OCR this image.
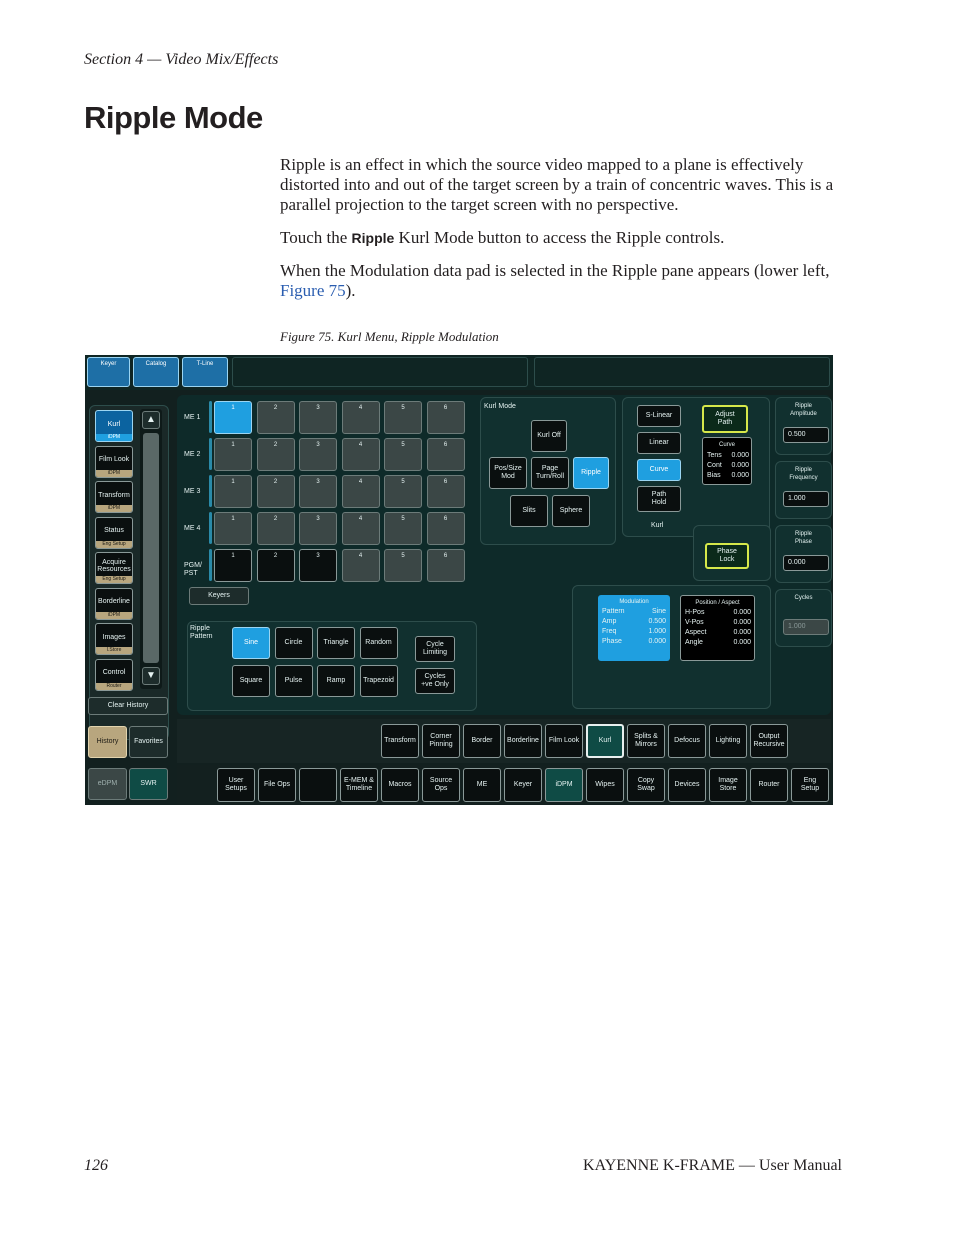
Section 4 — Video Mix/Effects
Ripple Mode

Ripple is an effect in which the source video mapped to a plane is effectively distorted into and out of the target screen by a train of concentric waves. This is a parallel projection to the target screen with no perspective.

Touch the Ripple Kurl Mode button to access the Ripple controls.

When the Modulation data pad is selected in the Ripple pane appears (lower left, Figure 75).

Figure 75. Kurl Menu, Ripple Modulation
Keyer	Catalog	T-Line
▲
▼
Clear History
History	Favorites
eDPM	SWR
Keyers
Kurl Mode
Kurl Off
Pos/Size
Mod
Page
Turn/Roll
Ripple
Slits	Sphere
S-Linear
Linear
Curve
Path
Hold
Adjust
Path
Curve
Tens	0.000
Cont	0.000
Bias	0.000
Kurl
Phase
Lock
Modulation
Pattern	Sine
Amp	0.500
Freq	1.000
Phase	0.000
Position / Aspect
H-Pos	0.000
V-Pos	0.000
Aspect	0.000
Angle	0.000
Ripple
Pattern
Cycle
Limiting
Cycles
+ve Only
Kurl
iDPM
Film Look
iDPM
Transform
iDPM
Status
Eng Setup
Acquire
Resources
Eng Setup
Borderline
iDPM
Images
I.Store
Control
Router
ME 1
1	2	3	4	5	6
ME 2
1	2	3	4	5	6
ME 3
1	2	3	4	5	6
ME 4
1	2	3	4	5	6
PGM/
PST
1	2	3	4	5	6
Ripple
Amplitude
0.500
Ripple
Frequency
1.000
Ripple
Phase
0.000
Cycles
1.000
Sine	Circle	Triangle	Random
Square	Pulse	Ramp	Trapezoid
Transform
Corner
Pinning
Border	Borderline	Film Look	Kurl
Splits &
Mirrors
Defocus	Lighting
Output
Recursive
User
Setups
File Ops
E-MEM &
Timeline
Macros
Source
Ops
ME	Keyer	iDPM	Wipes
Copy
Swap
Devices
Image
Store
Router
Eng
Setup
126	KAYENNE K-FRAME — User Manual
